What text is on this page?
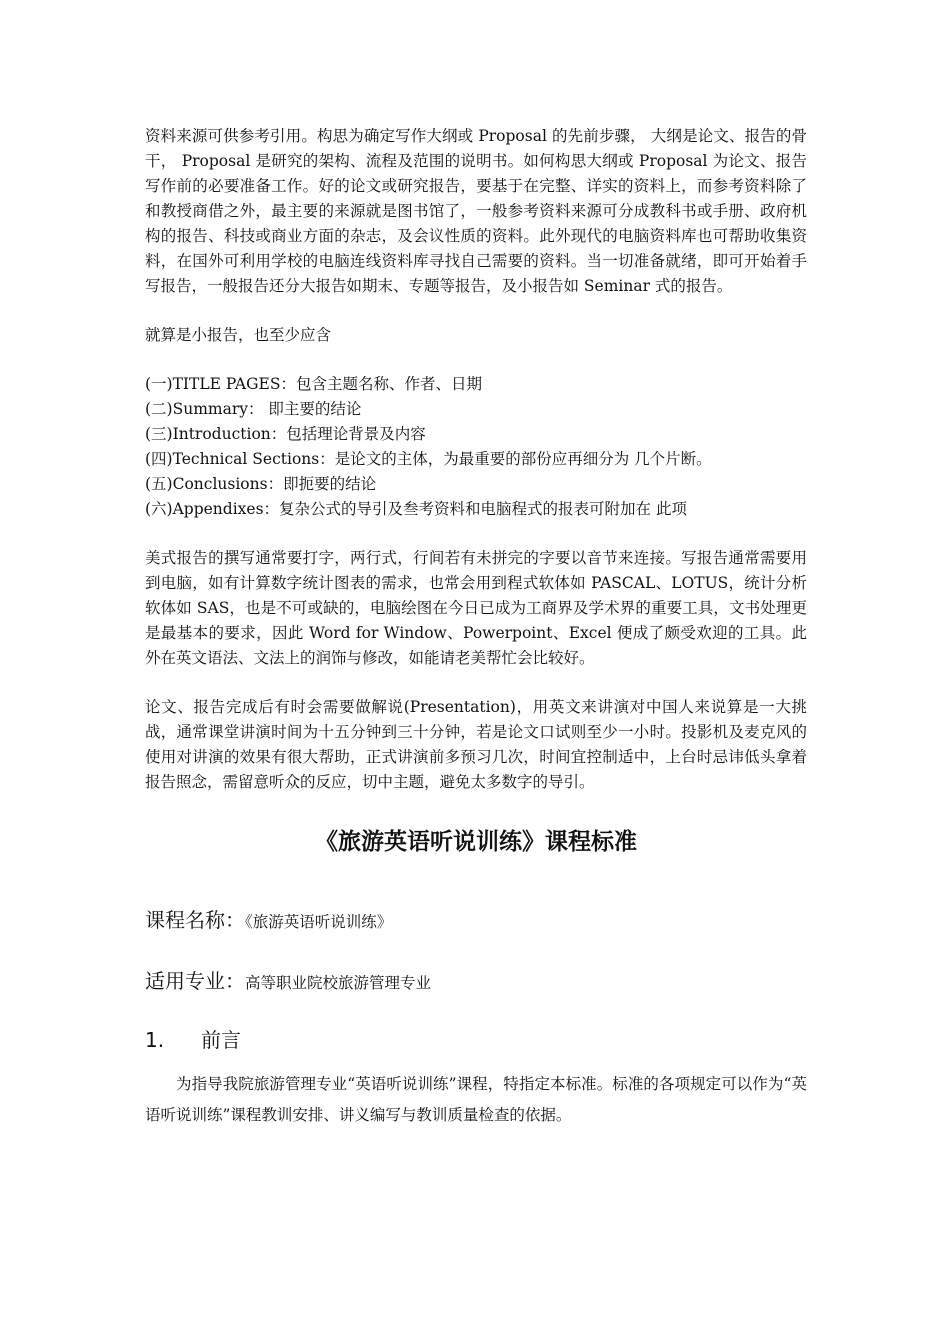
资料来源可供参考引用。构思为确定写作大纲或 Proposal 的先前步骤， 大纲是论文、报告的骨干， Proposal 是研究的架构、流程及范围的说明书。如何构思大纲或 Proposal 为论文、报告写作前的必要准备工作。好的论文或研究报告，要基于在完整、详实的资料上，而参考资料除了和教授商借之外，最主要的来源就是图书馆了，一般参考资料来源可分成教科书或手册、政府机构的报告、科技或商业方面的杂志，及会议性质的资料。此外现代的电脑资料库也可帮助收集资料，在国外可利用学校的电脑连线资料库寻找自己需要的资料。当一切准备就绪，即可开始着手写报告，一般报告还分大报告如期末、专题等报告，及小报告如 Seminar 式的报告。

就算是小报告，也至少应含

(一)TITLE PAGES：包含主题名称、作者、日期
(二)Summary： 即主要的结论
(三)Introduction：包括理论背景及内容
(四)Technical Sections：是论文的主体，为最重要的部份应再细分为 几个片断。
(五)Conclusions：即扼要的结论
(六)Appendixes：复杂公式的导引及叁考资料和电脑程式的报表可附加在 此项

美式报告的撰写通常要打字，两行式，行间若有未拼完的字要以音节来连接。写报告通常需要用到电脑，如有计算数字统计图表的需求，也常会用到程式软体如 PASCAL、LOTUS，统计分析软体如 SAS，也是不可或缺的，电脑绘图在今日已成为工商界及学术界的重要工具，文书处理更是最基本的要求，因此 Word for Window、Powerpoint、Excel 便成了颇受欢迎的工具。此外在英文语法、文法上的润饰与修改，如能请老美帮忙会比较好。

论文、报告完成后有时会需要做解说(Presentation)，用英文来讲演对中国人来说算是一大挑战，通常课堂讲演时间为十五分钟到三十分钟，若是论文口试则至少一小时。投影机及麦克风的使用对讲演的效果有很大帮助，正式讲演前多预习几次，时间宜控制适中，上台时忌讳低头拿着报告照念，需留意听众的反应，切中主题，避免太多数字的导引。

《旅游英语听说训练》课程标准
课程名称：《旅游英语听说训练》
适用专业：高等职业院校旅游管理专业
1. 前言

为指导我院旅游管理专业“英语听说训练”课程，特指定本标准。标准的各项规定可以作为“英语听说训练”课程教训安排、讲义编写与教训质量检查的依据。
